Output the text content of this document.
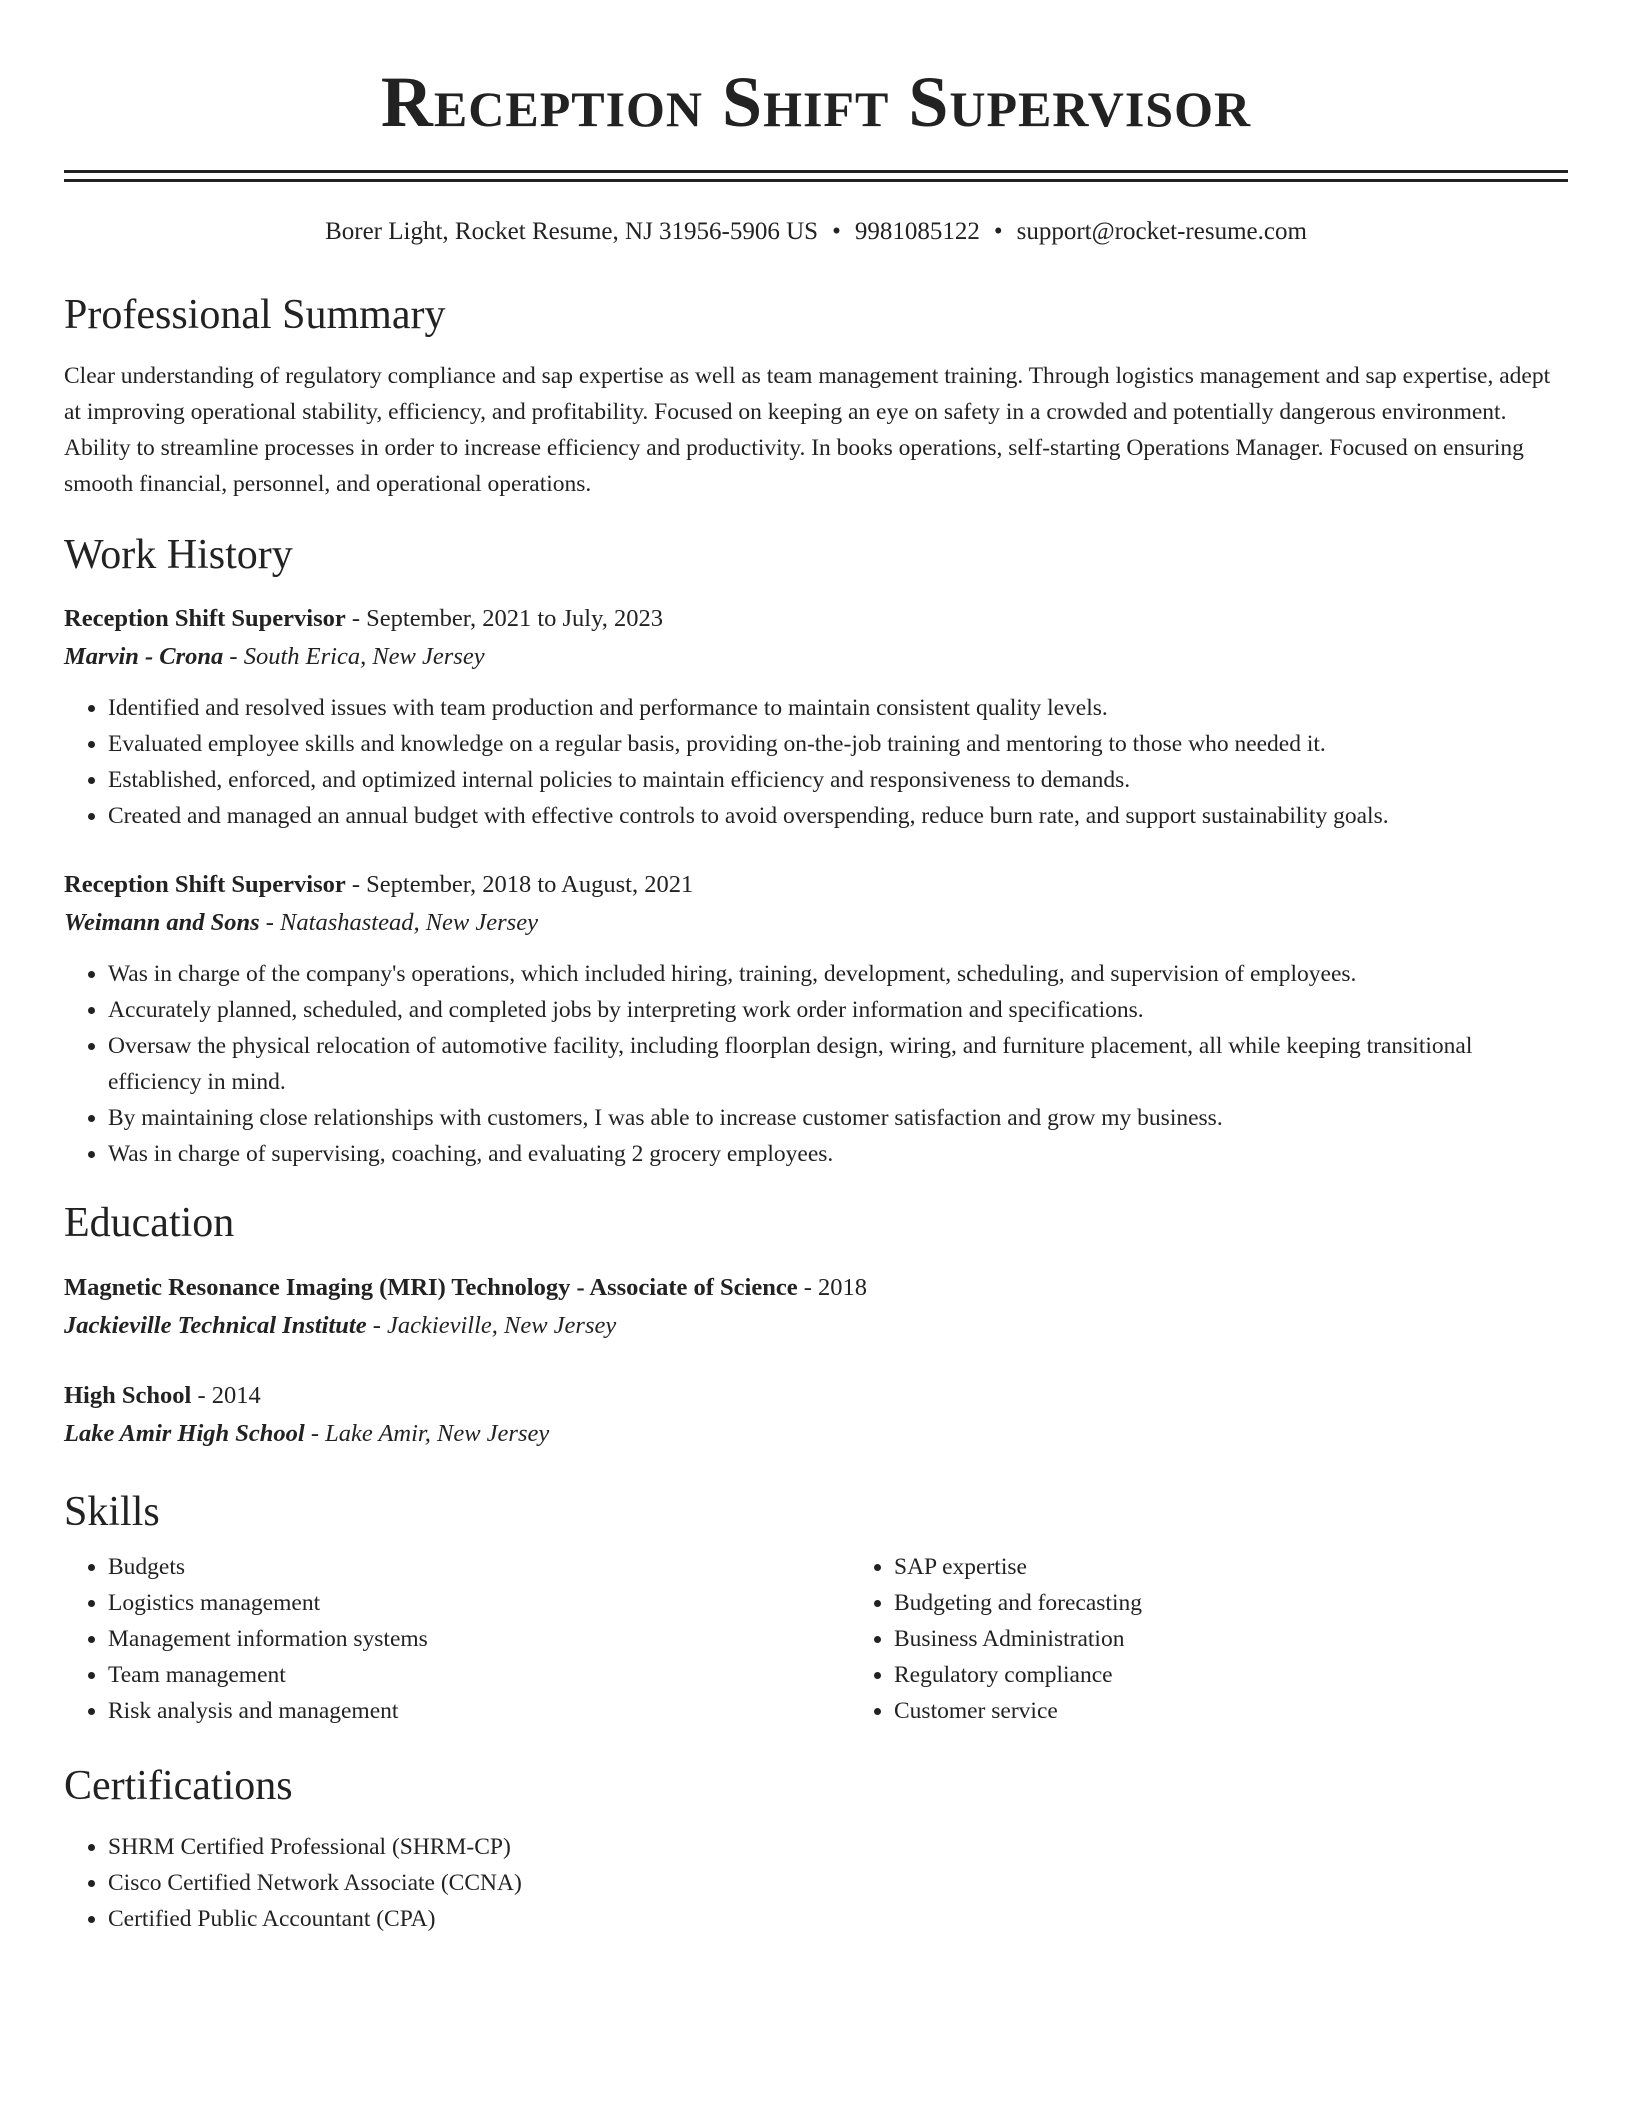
Reception Shift Supervisor
Borer Light, Rocket Resume, NJ 31956-5906 US • 9981085122 • support@rocket-resume.com
Professional Summary

Clear understanding of regulatory compliance and sap expertise as well as team management training. Through logistics management and sap expertise, adept at improving operational stability, efficiency, and profitability. Focused on keeping an eye on safety in a crowded and potentially dangerous environment. Ability to streamline processes in order to increase efficiency and productivity. In books operations, self-starting Operations Manager. Focused on ensuring smooth financial, personnel, and operational operations.

Work History
Reception Shift Supervisor - September, 2021 to July, 2023
Marvin - Crona - South Erica, New Jersey
• Identified and resolved issues with team production and performance to maintain consistent quality levels.
• Evaluated employee skills and knowledge on a regular basis, providing on-the-job training and mentoring to those who needed it.
• Established, enforced, and optimized internal policies to maintain efficiency and responsiveness to demands.
• Created and managed an annual budget with effective controls to avoid overspending, reduce burn rate, and support sustainability goals.
Reception Shift Supervisor - September, 2018 to August, 2021
Weimann and Sons - Natashastead, New Jersey
• Was in charge of the company's operations, which included hiring, training, development, scheduling, and supervision of employees.
• Accurately planned, scheduled, and completed jobs by interpreting work order information and specifications.
• Oversaw the physical relocation of automotive facility, including floorplan design, wiring, and furniture placement, all while keeping transitional efficiency in mind.
• By maintaining close relationships with customers, I was able to increase customer satisfaction and grow my business.
• Was in charge of supervising, coaching, and evaluating 2 grocery employees.
Education
Magnetic Resonance Imaging (MRI) Technology - Associate of Science - 2018
Jackieville Technical Institute - Jackieville, New Jersey
High School - 2014
Lake Amir High School - Lake Amir, New Jersey
Skills
• Budgets
• Logistics management
• Management information systems
• Team management
• Risk analysis and management
• SAP expertise
• Budgeting and forecasting
• Business Administration
• Regulatory compliance
• Customer service
Certifications
• SHRM Certified Professional (SHRM-CP)
• Cisco Certified Network Associate (CCNA)
• Certified Public Accountant (CPA)
